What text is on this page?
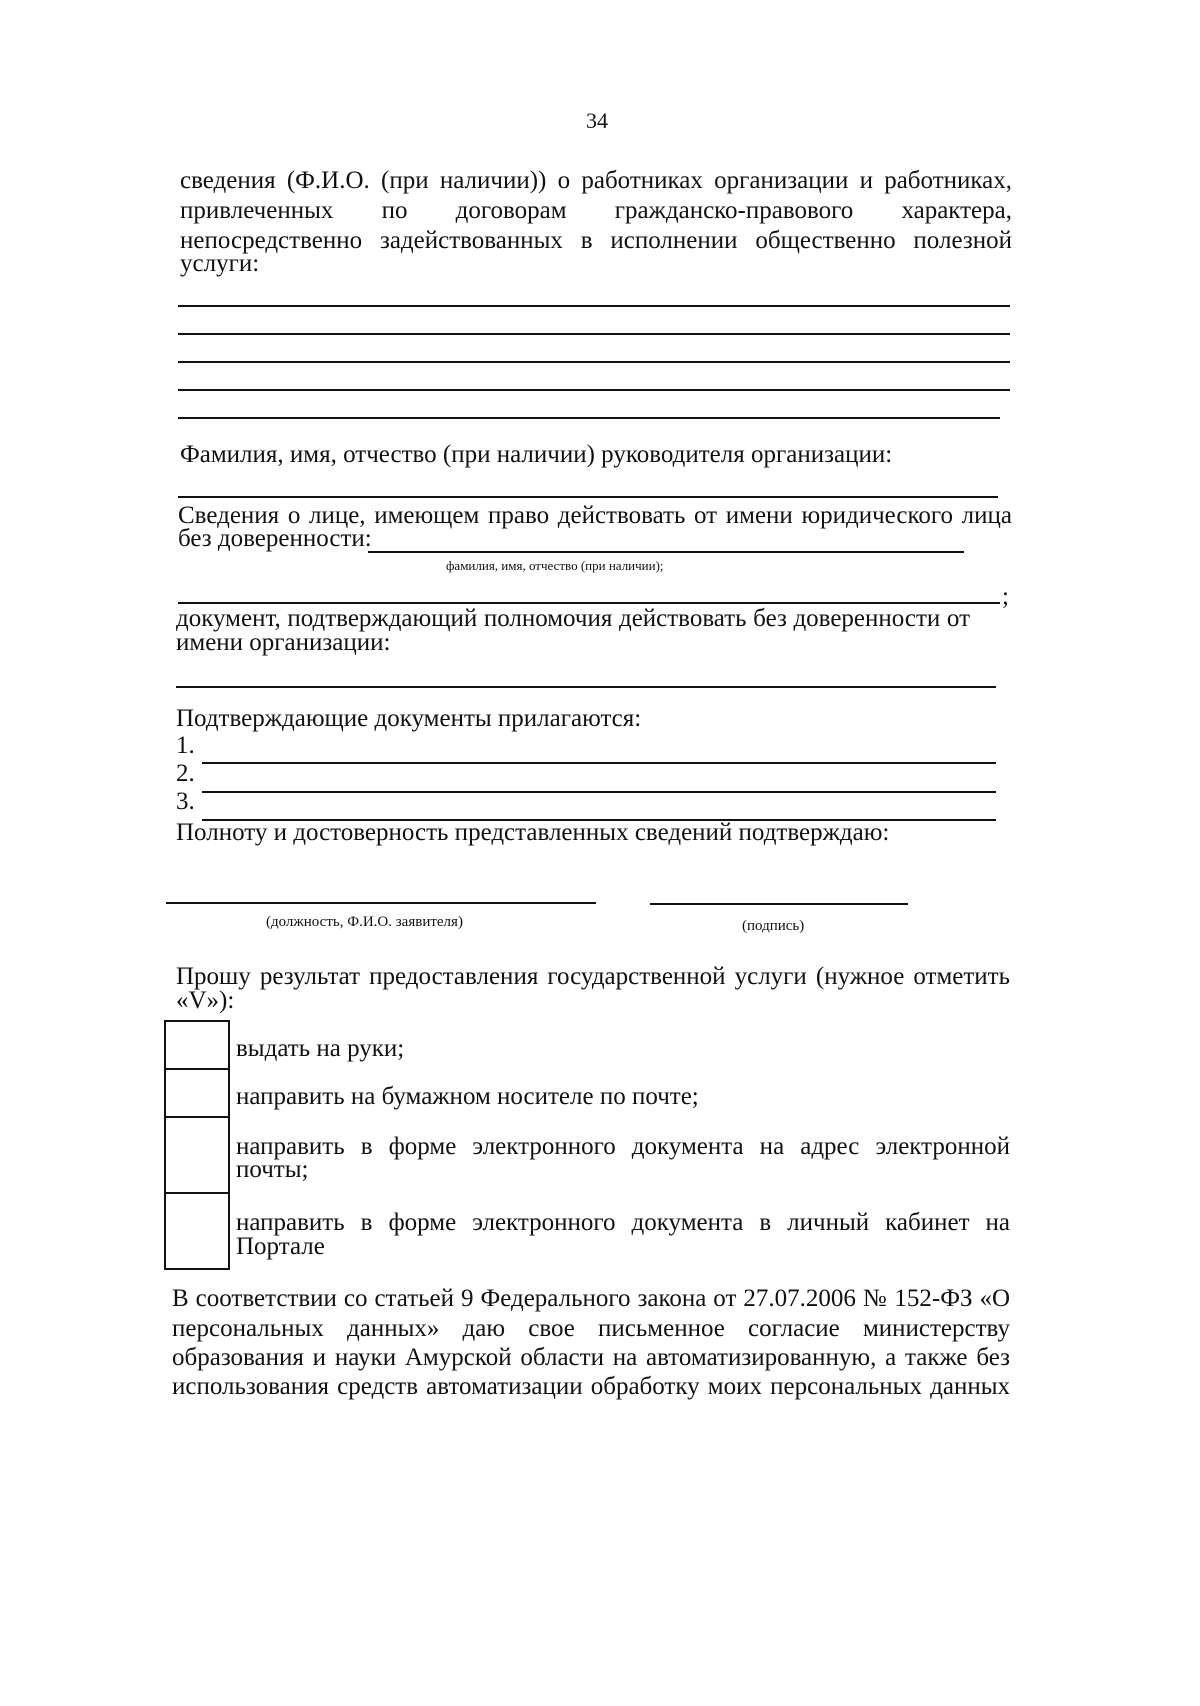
34
сведения (Ф.И.О. (при наличии)) о работниках организации и работниках,
привлеченных по договорам гражданско-правового характера,
непосредственно задействованных в исполнении общественно полезной
услуги:
Фамилия, имя, отчество (при наличии) руководителя организации:
Сведения о лице, имеющем право действовать от имени юридического лица
без доверенности:
фамилия, имя, отчество (при наличии);
;
документ, подтверждающий полномочия действовать без доверенности от
имени организации:
Подтверждающие документы прилагаются:
1.
2.
3.
Полноту и достоверность представленных сведений подтверждаю:
(должность, Ф.И.О. заявителя)	(подпись)
Прошу результат предоставления государственной услуги (нужное отметить
«V»):
выдать на руки;
направить на бумажном носителе по почте;
направить в форме электронного документа на адрес электронной
почты;
направить в форме электронного документа в личный кабинет на
Портале
В соответствии со статьей 9 Федерального закона от 27.07.2006 № 152-ФЗ «О
персональных данных» даю свое письменное согласие министерству
образования и науки Амурской области на автоматизированную, а также без
использования средств автоматизации обработку моих персональных данных
